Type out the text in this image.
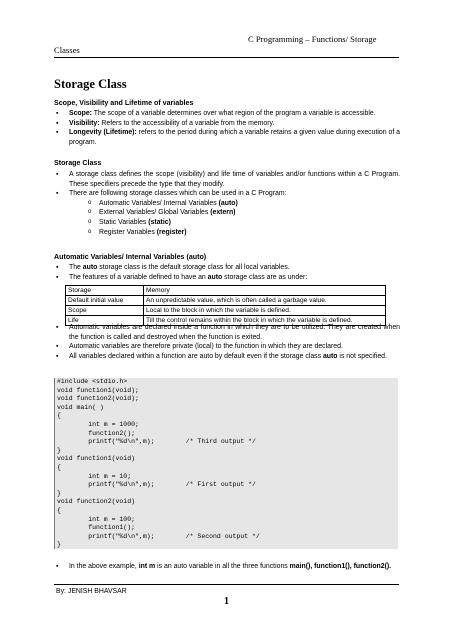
C Programming – Functions/ Storage
Classes
Storage Class
Scope, Visibility and Lifetime of variables
▪ Scope: The scope of a variable determines over what region of the program a variable is accessible.
▪ Visibility: Refers to the accessibility of a variable from the memory.
▪ Longevity (Lifetime): refers to the period during which a variable retains a given value during execution of a program.
Storage Class
▪ A storage class defines the scope (visibility) and life time of variables and/or functions within a C Program. These specifiers precede the type that they modify.
▪ There are following storage classes which can be used in a C Program:
o Automatic Variables/ Internal Variables (auto)
o External Variables/ Global Variables (extern)
o Static Variables (static)
o Register Variables (register)
Automatic Variables/ Internal Variables (auto)
▪ The auto storage class is the default storage class for all local variables.
▪ The features of a variable defined to have an auto storage class are as under:
Storage	Memory
Default initial value	An unpredictable value, which is often called a garbage value.
Scope	Local to the block in which the variable is defined.
Life	Till the control remains within the block in which the variable is defined.
▪ Automatic variables are declared inside a function in which they are to be utilized. They are created when the function is called and destroyed when the function is exited.
▪ Automatic variables are therefore private (local) to the function in which they are declared.
▪ All variables declared within a function are auto by default even if the storage class auto is not specified.
#include <stdio.h>
void function1(void);
void function2(void);
void main( )
{
int m = 1000;
function2();
printf("%d\n",m);        /* Third output */
}
void function1(void)
{
int m = 10;
printf("%d\n",m);        /* First output */
}
void function2(void)
{
int m = 100;
function1();
printf("%d\n",m);        /* Second output */
}
▪ In the above example, int m is an auto variable in all the three functions main(), function1(), function2().
By: JENISH BHAVSAR
1
